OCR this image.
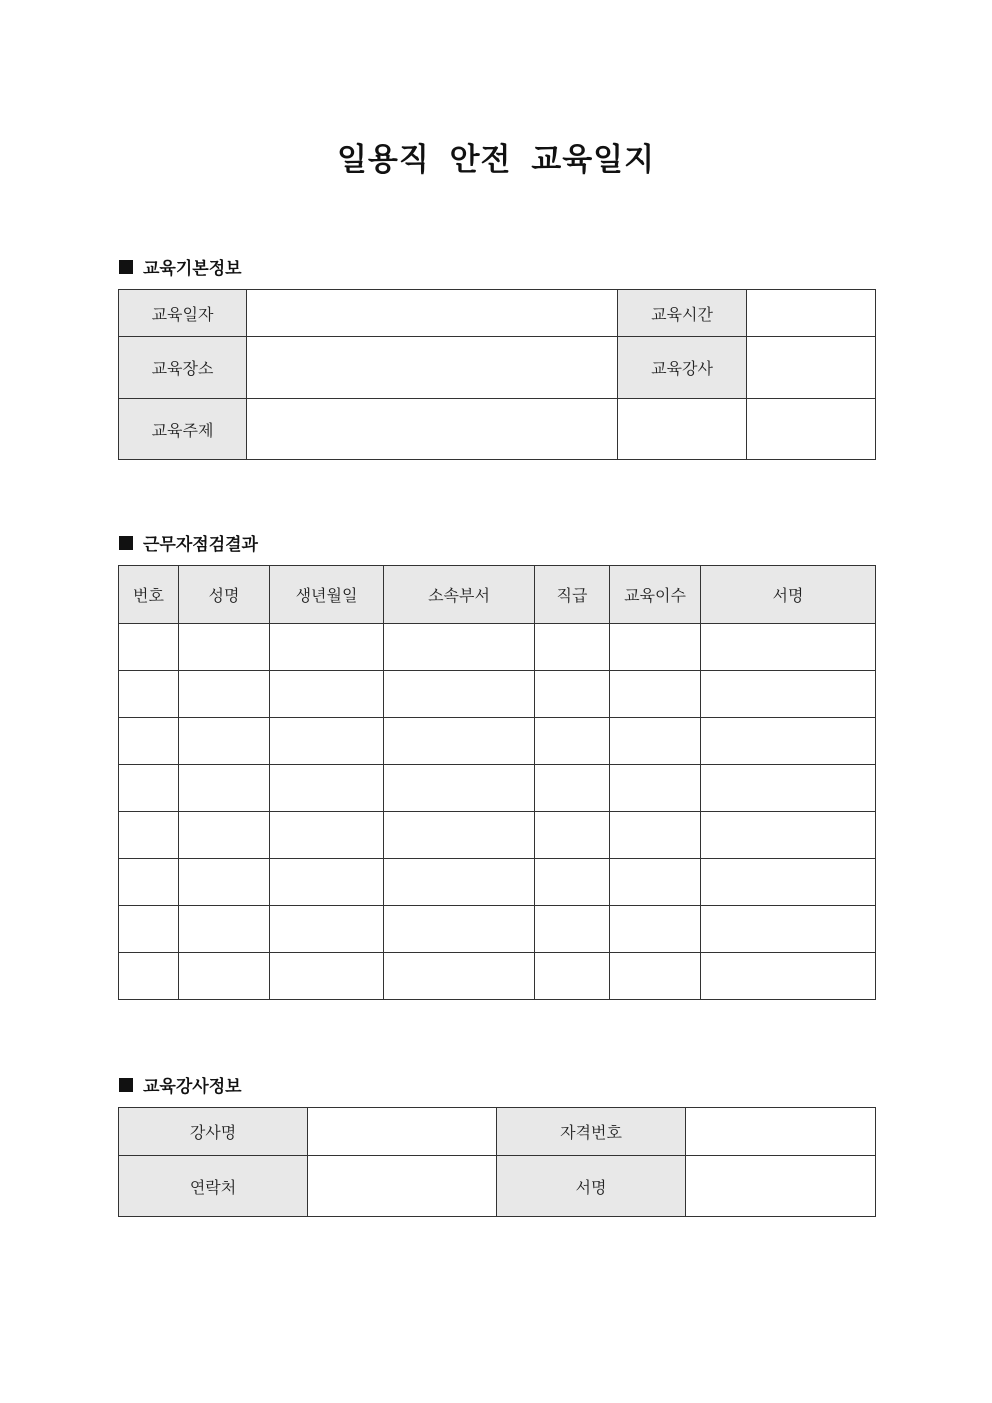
일용직 안전 교육일지
교육기본정보
교육일자		교육시간	
교육장소		교육강사	
교육주제			
근무자점검결과
번호	성명	생년월일	소속부서	직급	교육이수	서명

교육강사정보
강사명		자격번호	
연락처		서명	
